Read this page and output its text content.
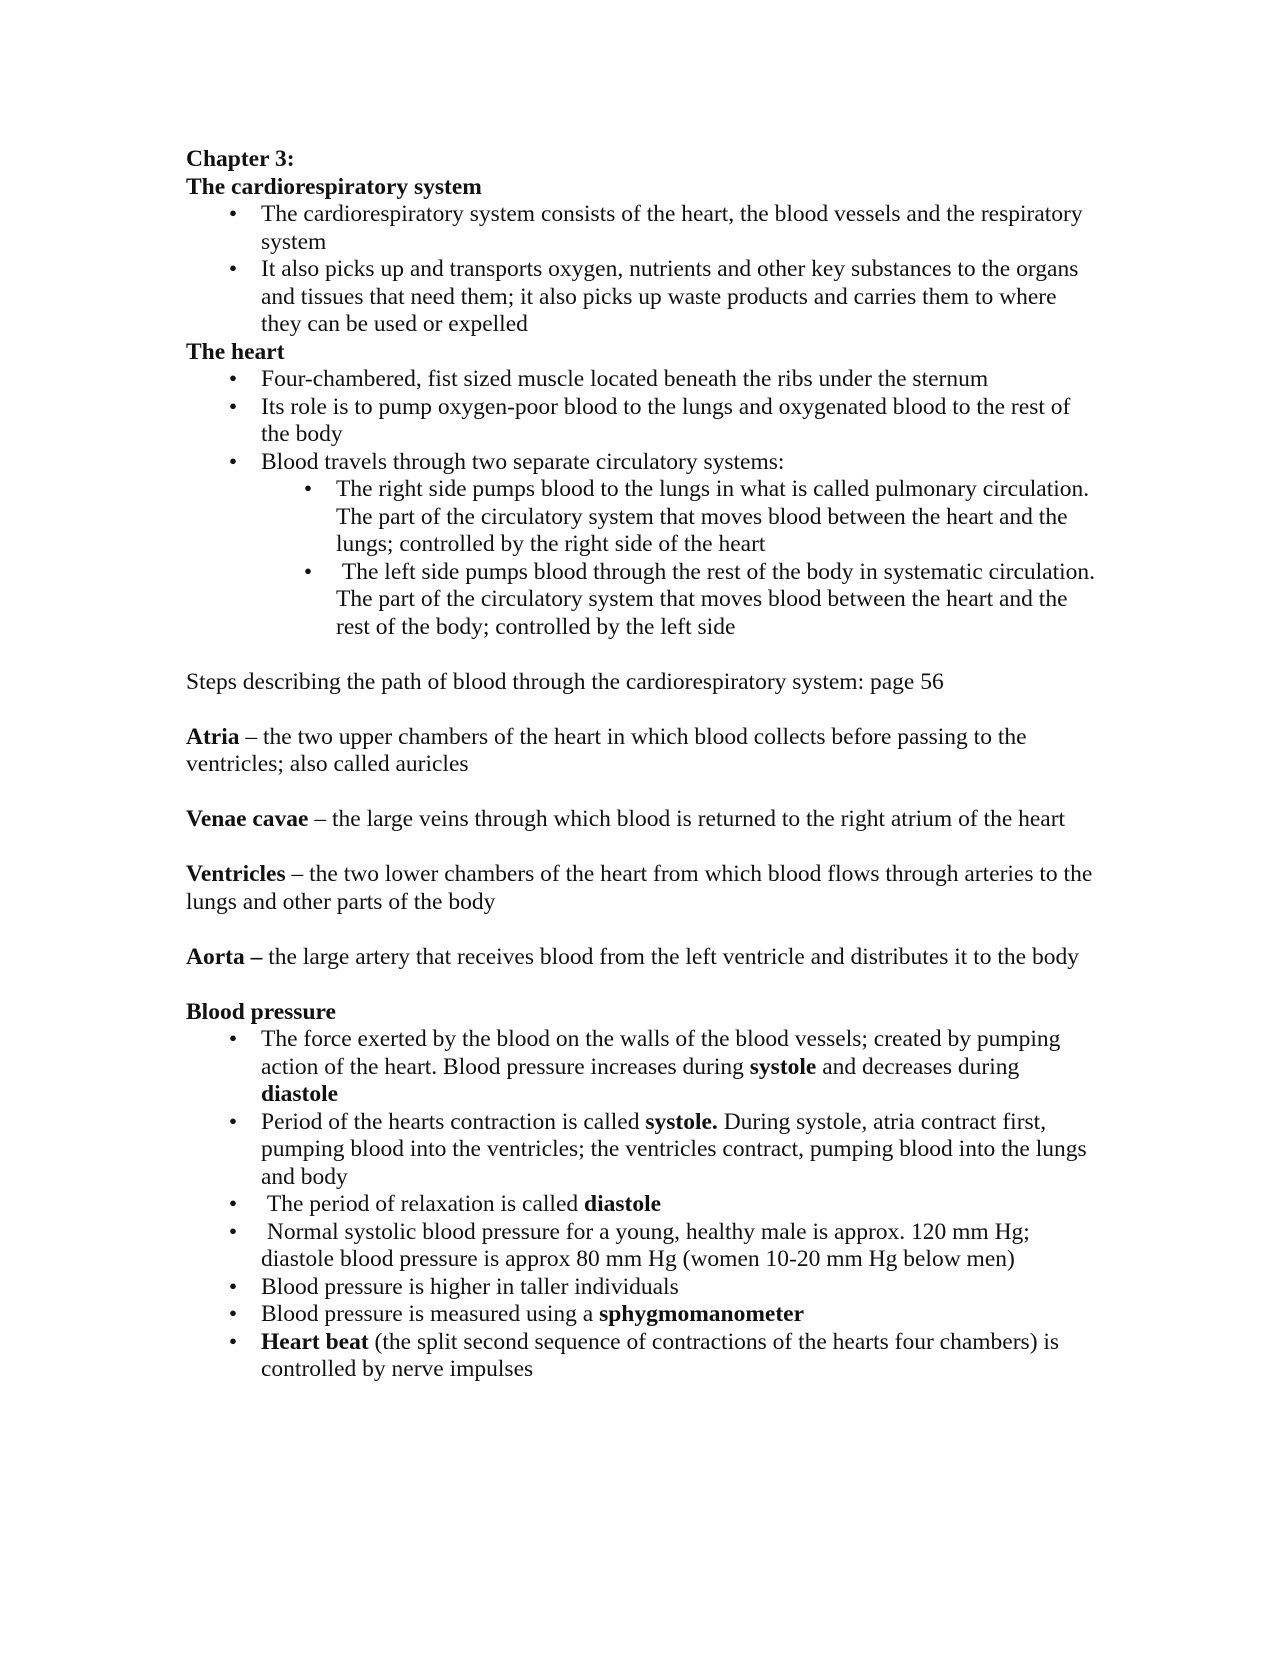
Chapter 3:

The cardiorespiratory system

• The cardiorespiratory system consists of the heart, the blood vessels and the respiratory system
• It also picks up and transports oxygen, nutrients and other key substances to the organs and tissues that need them; it also picks up waste products and carries them to where they can be used or expelled

The heart

• Four-chambered, fist sized muscle located beneath the ribs under the sternum
• Its role is to pump oxygen-poor blood to the lungs and oxygenated blood to the rest of the body
• Blood travels through two separate circulatory systems:
• The right side pumps blood to the lungs in what is called pulmonary circulation. The part of the circulatory system that moves blood between the heart and the lungs; controlled by the right side of the heart
• The left side pumps blood through the rest of the body in systematic circulation. The part of the circulatory system that moves blood between the heart and the rest of the body; controlled by the left side

Steps describing the path of blood through the cardiorespiratory system: page 56

Atria – the two upper chambers of the heart in which blood collects before passing to the ventricles; also called auricles

Venae cavae – the large veins through which blood is returned to the right atrium of the heart

Ventricles – the two lower chambers of the heart from which blood flows through arteries to the lungs and other parts of the body

Aorta – the large artery that receives blood from the left ventricle and distributes it to the body

Blood pressure

• The force exerted by the blood on the walls of the blood vessels; created by pumping action of the heart. Blood pressure increases during systole and decreases during diastole
• Period of the hearts contraction is called systole. During systole, atria contract first, pumping blood into the ventricles; the ventricles contract, pumping blood into the lungs and body
• The period of relaxation is called diastole
• Normal systolic blood pressure for a young, healthy male is approx. 120 mm Hg; diastole blood pressure is approx 80 mm Hg (women 10-20 mm Hg below men)
• Blood pressure is higher in taller individuals
• Blood pressure is measured using a sphygmomanometer
• Heart beat (the split second sequence of contractions of the hearts four chambers) is controlled by nerve impulses
